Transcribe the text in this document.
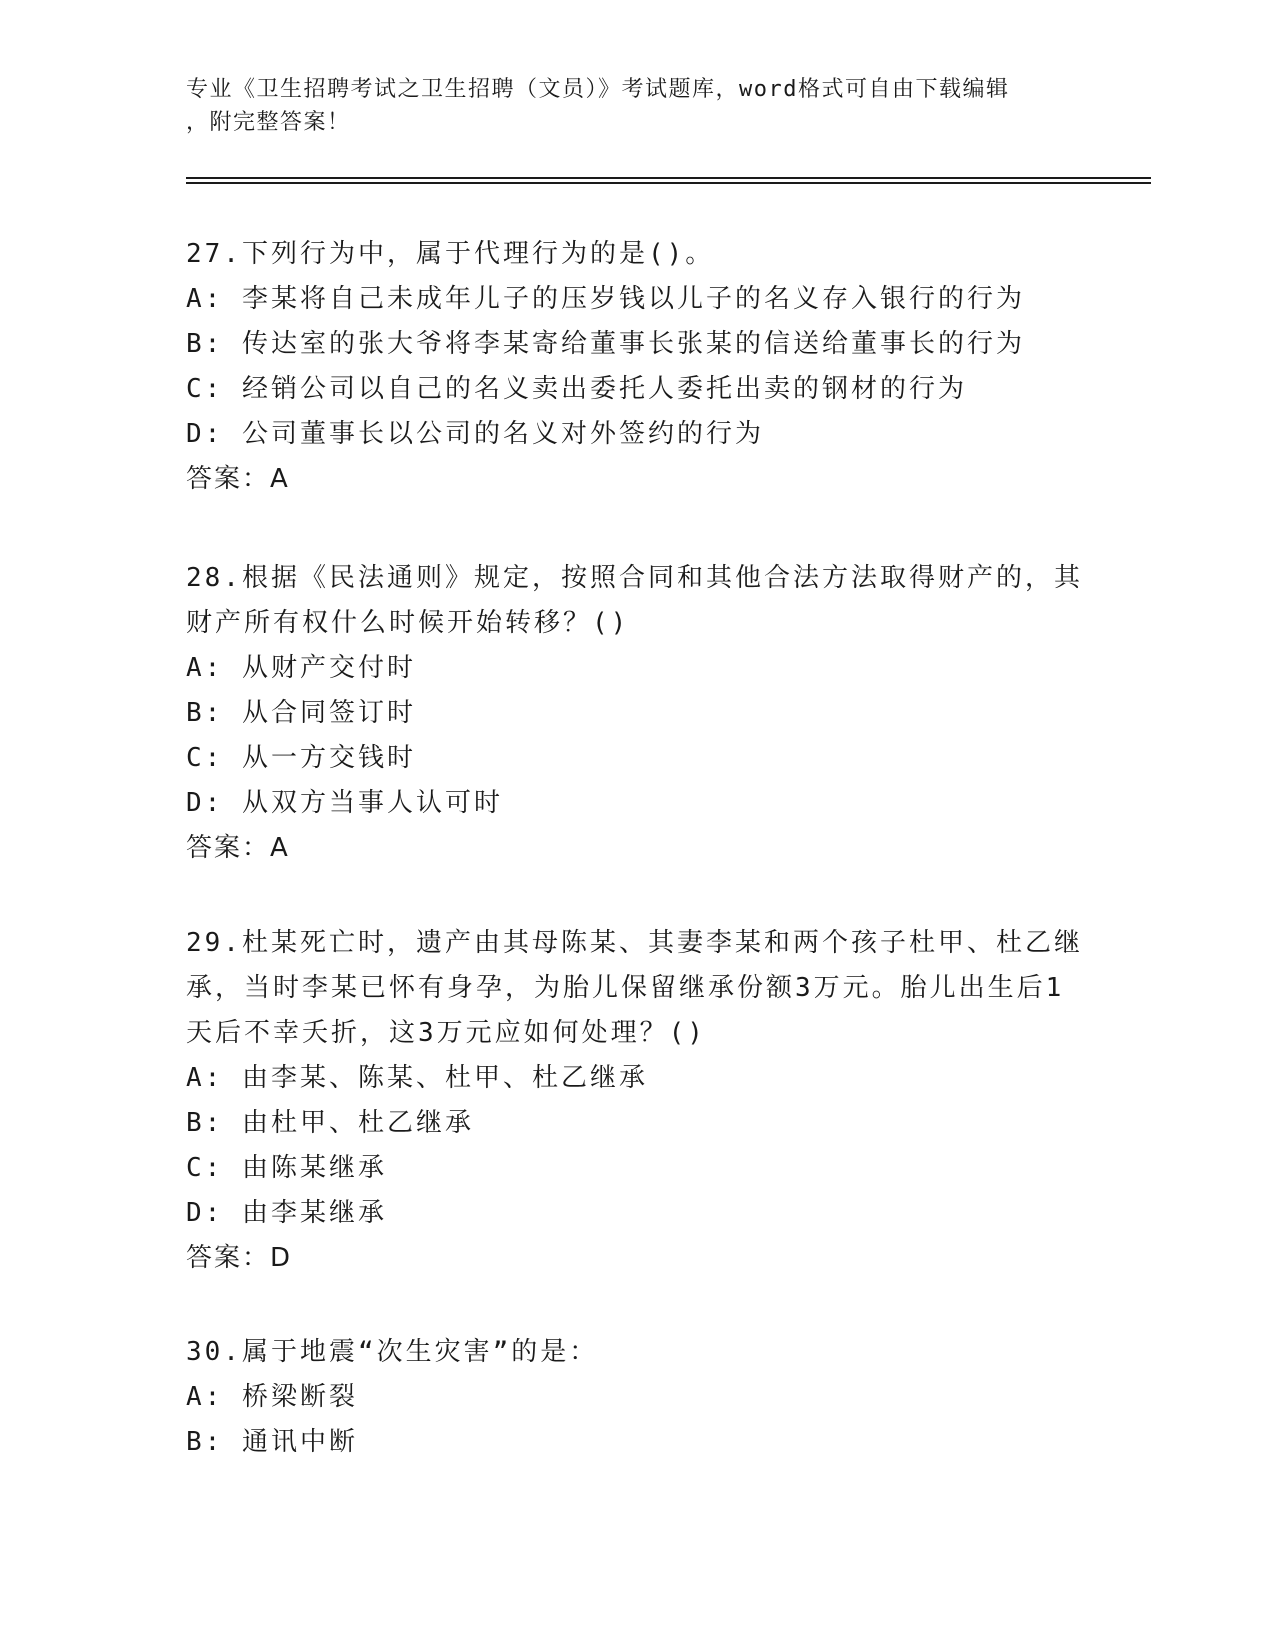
专业《卫生招聘考试之卫生招聘（文员）》考试题库，word格式可自由下载编辑
，附完整答案！
27.下列行为中，属于代理行为的是()。
A: 李某将自己未成年儿子的压岁钱以儿子的名义存入银行的行为
B: 传达室的张大爷将李某寄给董事长张某的信送给董事长的行为
C: 经销公司以自己的名义卖出委托人委托出卖的钢材的行为
D: 公司董事长以公司的名义对外签约的行为
答案：A
28.根据《民法通则》规定，按照合同和其他合法方法取得财产的，其财产所有权什么时候开始转移？()
A: 从财产交付时
B: 从合同签订时
C: 从一方交钱时
D: 从双方当事人认可时
答案：A
29.杜某死亡时，遗产由其母陈某、其妻李某和两个孩子杜甲、杜乙继承，当时李某已怀有身孕，为胎儿保留继承份额3万元。胎儿出生后1天后不幸夭折，这3万元应如何处理？()
A: 由李某、陈某、杜甲、杜乙继承
B: 由杜甲、杜乙继承
C: 由陈某继承
D: 由李某继承
答案：D
30.属于地震“次生灾害”的是：
A: 桥梁断裂
B: 通讯中断
